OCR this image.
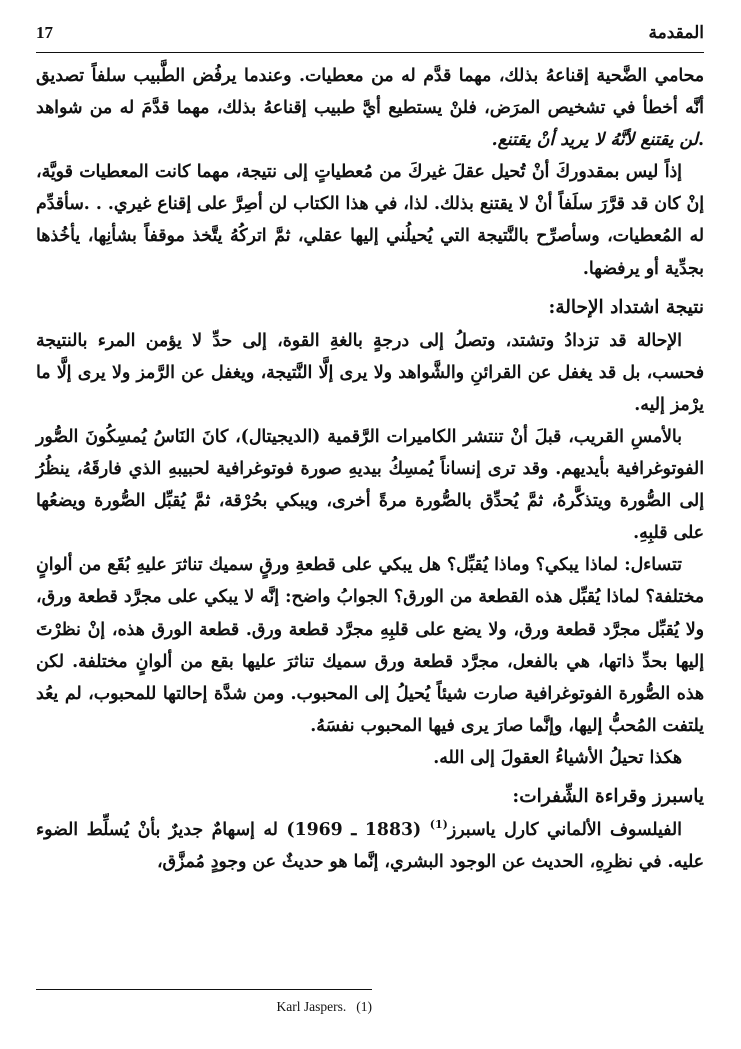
17	المقدمة

محامي الضَّحية إقناعهُ بذلك، مهما قدَّم له من معطيات. وعندما يرفُض الطَّبيب سلفاً تصديق أنَّه أخطأ في تشخيص المرَض، فلنْ يستطيع أيَّ طبيب إقناعهُ بذلك، مهما قدَّمَ له من شواهد .لن يقتنع لأنَّهُ لا يريد أنْ يقتنع.

إذاً ليس بمقدوركَ أنْ تُحيل عقلَ غيركَ من مُعطياتٍ إلى نتيجة، مهما كانت المعطيات قويَّة، إنْ كان قد قرَّرَ سلَفاً أنْ لا يقتنع بذلك. لذا، في هذا الكتاب لن أصِرَّ على إقناع غيري. . .سأقدِّم له المُعطيات، وسأصرِّح بالنَّتيجة التي يُحيلُني إليها عقلي، ثمَّ اتركُهُ يتَّخذ موقفاً بشأنِها، يأخُذها بجدِّية أو يرفضها.

نتيجة اشتداد الإحالة:

الإحالة قد تزدادُ وتشتد، وتصلُ إلى درجةٍ بالغةِ القوة، إلى حدِّ لا يؤمن المرء بالنتيجة فحسب، بل قد يغفل عن القرائنِ والشَّواهد ولا يرى إلَّا النَّتيجة، ويغفل عن الرَّمز ولا يرى إلَّا ما يرْمز إليه.

بالأمسِ القريب، قبلَ أنْ تنتشر الكاميرات الرَّقمية (الديجيتال)، كانَ النَاسُ يُمسِكُونَ الصُّور الفوتوغرافية بأيديهم. وقد ترى إنساناً يُمسِكُ بيديهِ صورة فوتوغرافية لحبيبهِ الذي فارقَهُ، ينظُرُ إلى الصُّورة ويتذكَّرهُ، ثمَّ يُحدِّق بالصُّورة مرةً أخرى، ويبكي بحُرْقة، ثمَّ يُقبِّل الصُّورة ويضعُها على قلبِهِ.

تتساءل: لماذا يبكي؟ وماذا يُقبِّل؟ هل يبكي على قطعةِ ورقٍ سميك تناثرَ عليهِ بُقَع من ألوانٍ مختلفة؟ لماذا يُقبِّل هذه القطعة من الورق؟ الجوابُ واضح: إنَّه لا يبكي على مجرَّد قطعة ورق، ولا يُقبِّل مجرَّد قطعة ورق، ولا يضع على قلبِهِ مجرَّد قطعة ورق. قطعة الورق هذه، إنْ نظرْتَ إليها بحدِّ ذاتها، هي بالفعل، مجرَّد قطعة ورق سميك تناثرَ عليها بقع من ألوانٍ مختلفة. لكن هذه الصُّورة الفوتوغرافية صارت شيئاً يُحيلُ إلى المحبوب. ومن شدَّة إحالتها للمحبوب، لم يعُد يلتفت المُحبُّ إليها، وإنَّما صارَ يرى فيها المحبوب نفسَهُ.

هكذا تحيلُ الأشياءُ العقولَ إلى الله.

ياسبرز وقراءة الشِّفرات:

الفيلسوف الألماني كارل ياسبرز$^{(1)}$ (1883 ـ 1969) له إسهامٌ جديرٌ بأنْ يُسلِّط الضوء عليه. في نظرِهِ، الحديث عن الوجود البشري، إنَّما هو حديثٌ عن وجودٍ مُمزَّق،

Karl Jaspers. (1)
